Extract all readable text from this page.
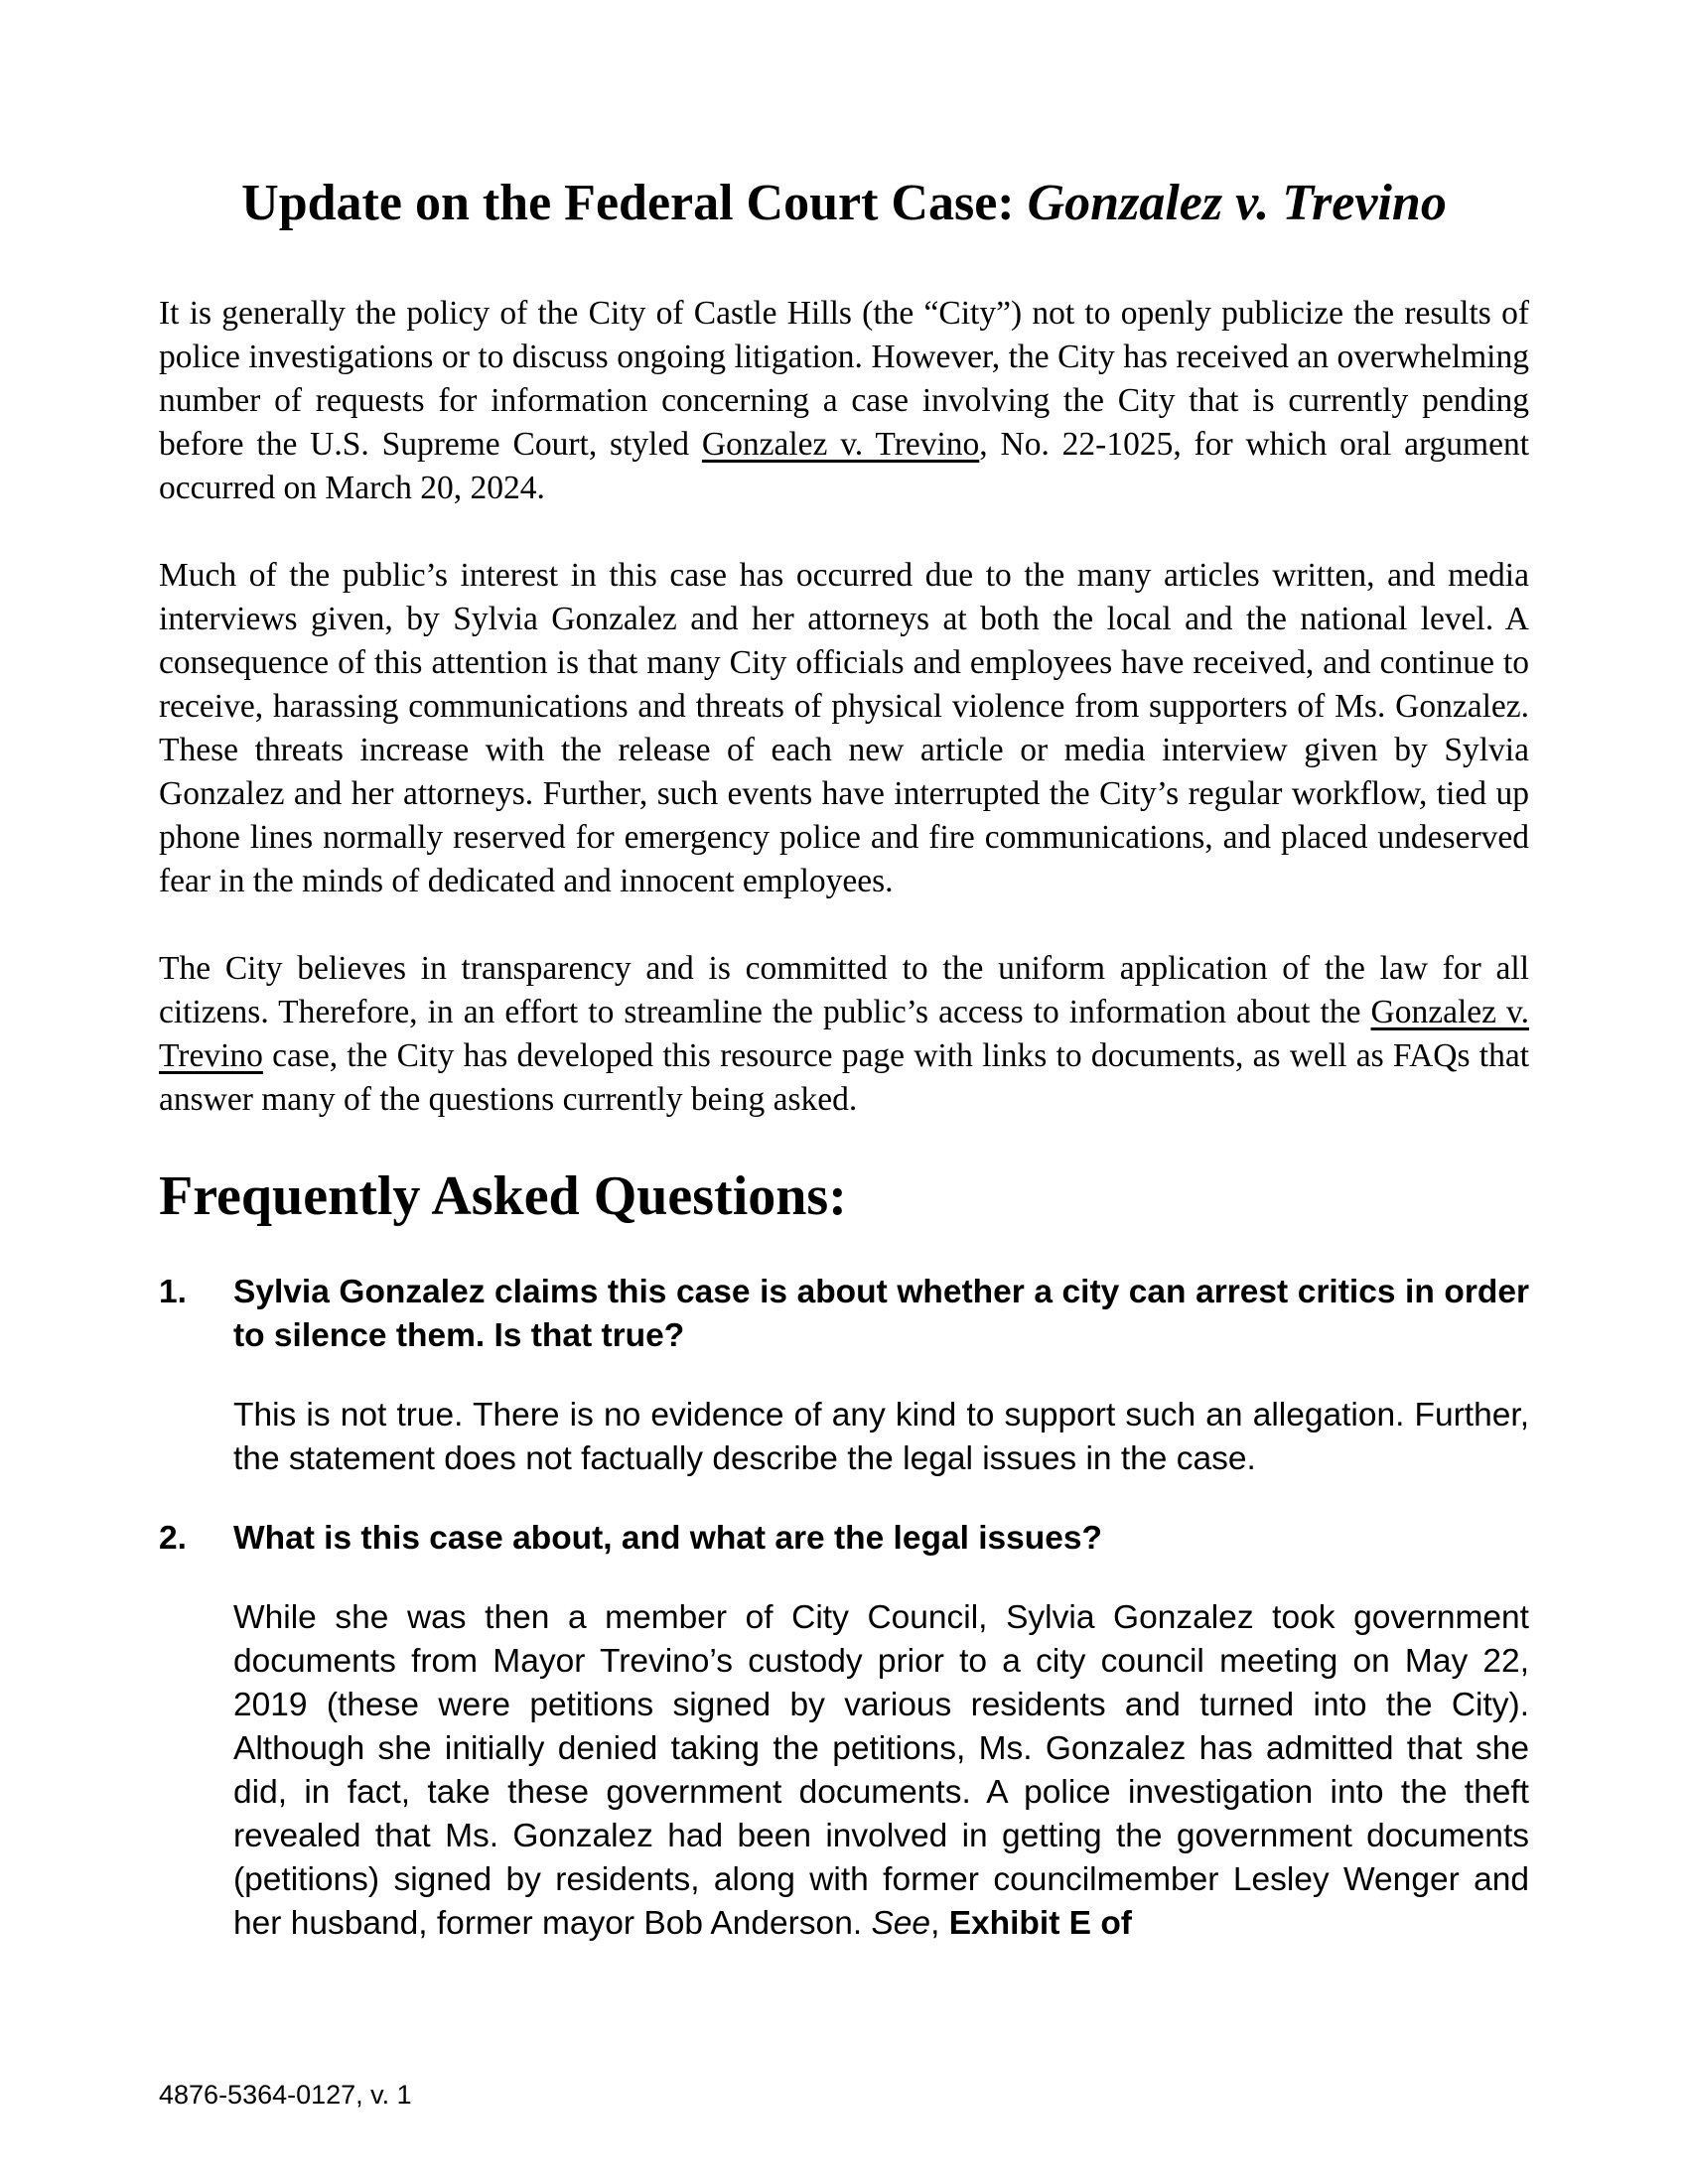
Update on the Federal Court Case: Gonzalez v. Trevino

It is generally the policy of the City of Castle Hills (the “City”) not to openly publicize the results of police investigations or to discuss ongoing litigation. However, the City has received an overwhelming number of requests for information concerning a case involving the City that is currently pending before the U.S. Supreme Court, styled Gonzalez v. Trevino, No. 22-1025, for which oral argument occurred on March 20, 2024.

Much of the public’s interest in this case has occurred due to the many articles written, and media interviews given, by Sylvia Gonzalez and her attorneys at both the local and the national level. A consequence of this attention is that many City officials and employees have received, and continue to receive, harassing communications and threats of physical violence from supporters of Ms. Gonzalez. These threats increase with the release of each new article or media interview given by Sylvia Gonzalez and her attorneys. Further, such events have interrupted the City’s regular workflow, tied up phone lines normally reserved for emergency police and fire communications, and placed undeserved fear in the minds of dedicated and innocent employees.

The City believes in transparency and is committed to the uniform application of the law for all citizens. Therefore, in an effort to streamline the public’s access to information about the Gonzalez v. Trevino case, the City has developed this resource page with links to documents, as well as FAQs that answer many of the questions currently being asked.

Frequently Asked Questions:
1.	Sylvia Gonzalez claims this case is about whether a city can arrest critics in order to silence them. Is that true?

This is not true. There is no evidence of any kind to support such an allegation. Further, the statement does not factually describe the legal issues in the case.

2.	What is this case about, and what are the legal issues?

While she was then a member of City Council, Sylvia Gonzalez took government documents from Mayor Trevino’s custody prior to a city council meeting on May 22, 2019 (these were petitions signed by various residents and turned into the City). Although she initially denied taking the petitions, Ms. Gonzalez has admitted that she did, in fact, take these government documents. A police investigation into the theft revealed that Ms. Gonzalez had been involved in getting the government documents (petitions) signed by residents, along with former councilmember Lesley Wenger and her husband, former mayor Bob Anderson. See, Exhibit E of

4876-5364-0127, v. 1
